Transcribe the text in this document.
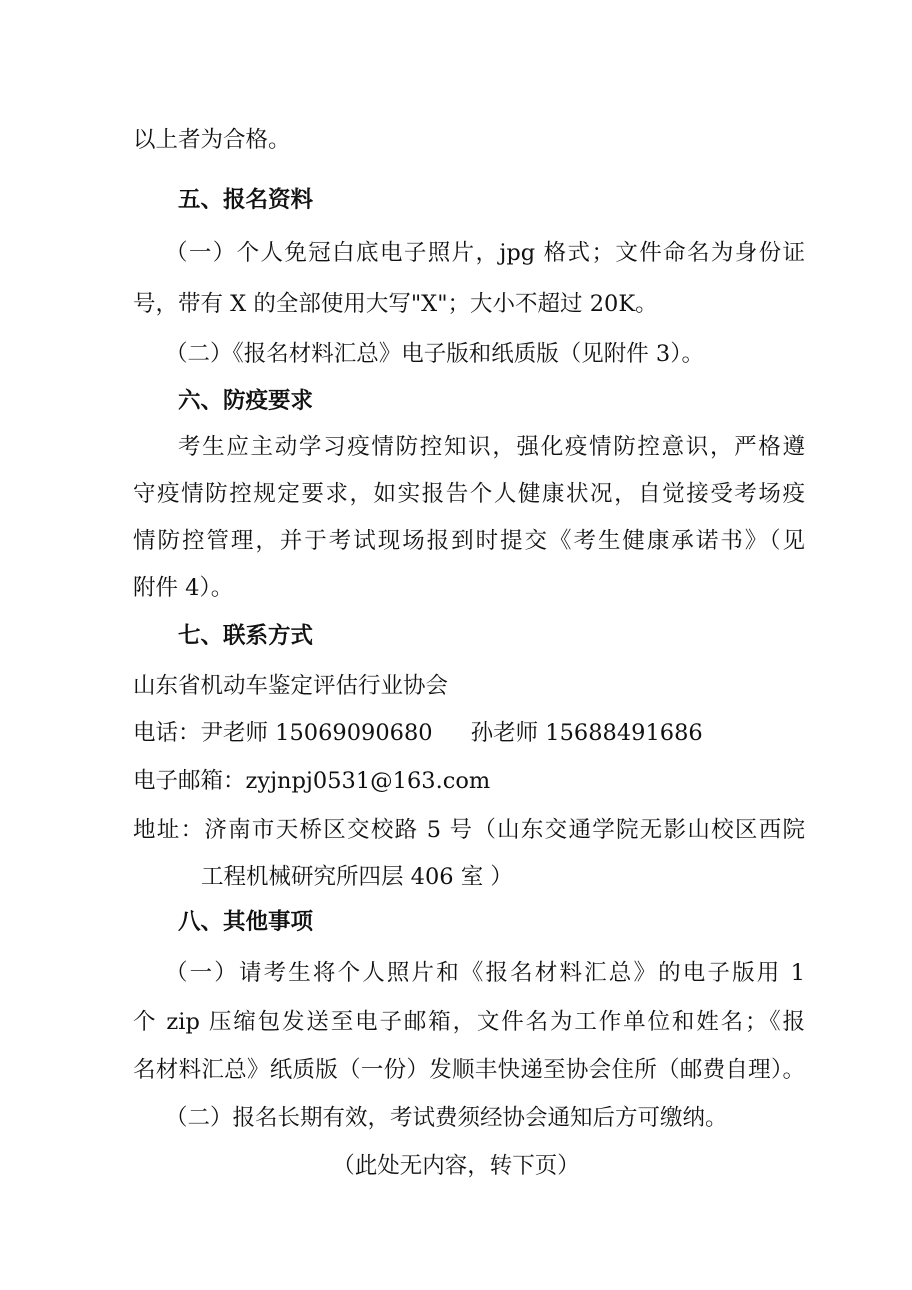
以上者为合格。

五、报名资料

（一）个人免冠白底电子照片，jpg 格式；文件命名为身份证

号，带有 X 的全部使用大写"X"；大小不超过 20K。

（二）《报名材料汇总》电子版和纸质版（见附件 3）。

六、防疫要求

考生应主动学习疫情防控知识，强化疫情防控意识，严格遵

守疫情防控规定要求，如实报告个人健康状况，自觉接受考场疫

情防控管理，并于考试现场报到时提交《考生健康承诺书》（见

附件 4）。

七、联系方式

山东省机动车鉴定评估行业协会

电话：尹老师 15069090680 孙老师 15688491686

电子邮箱：zyjnpj0531@163.com

地址：济南市天桥区交校路 5 号（山东交通学院无影山校区西院

工程机械研究所四层 406 室 ）

八、其他事项

（一）请考生将个人照片和《报名材料汇总》的电子版用 1

个 zip 压缩包发送至电子邮箱，文件名为工作单位和姓名；《报

名材料汇总》纸质版（一份）发顺丰快递至协会住所（邮费自理）。

（二）报名长期有效，考试费须经协会通知后方可缴纳。

（此处无内容，转下页）
